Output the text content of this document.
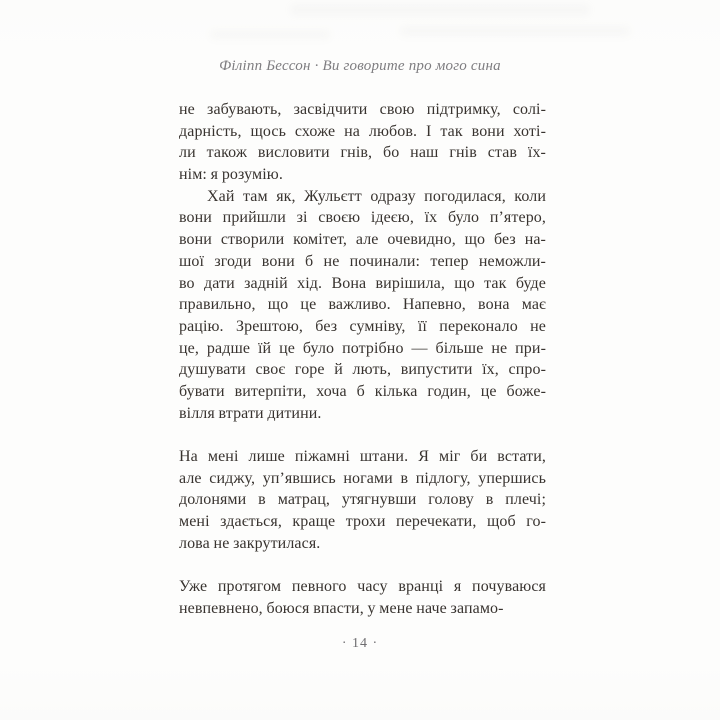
Філіпп Бессон · Ви говорите про мого сина
не забувають, засвідчити свою підтримку, солі-
дарність, щось схоже на любов. І так вони хоті-
ли також висловити гнів, бо наш гнів став їх-
нім: я розумію.
Хай там як, Жульєтт одразу погодилася, коли
вони прийшли зі своєю ідеєю, їх було п’ятеро,
вони створили комітет, але очевидно, що без на-
шої згоди вони б не починали: тепер неможли-
во дати задній хід. Вона вирішила, що так буде
правильно, що це важливо. Напевно, вона має
рацію. Зрештою, без сумніву, її переконало не
це, радше їй це було потрібно — більше не при-
душувати своє горе й лють, випустити їх, спро-
бувати витерпіти, хоча б кілька годин, це боже-
вілля втрати дитини.
На мені лише піжамні штани. Я міг би встати,
але сиджу, уп’явшись ногами в підлогу, упершись
долонями в матрац, утягнувши голову в плечі;
мені здається, краще трохи перечекати, щоб го-
лова не закрутилася.
Уже протягом певного часу вранці я почуваюся
невпевнено, боюся впасти, у мене наче запамо-
· 14 ·
